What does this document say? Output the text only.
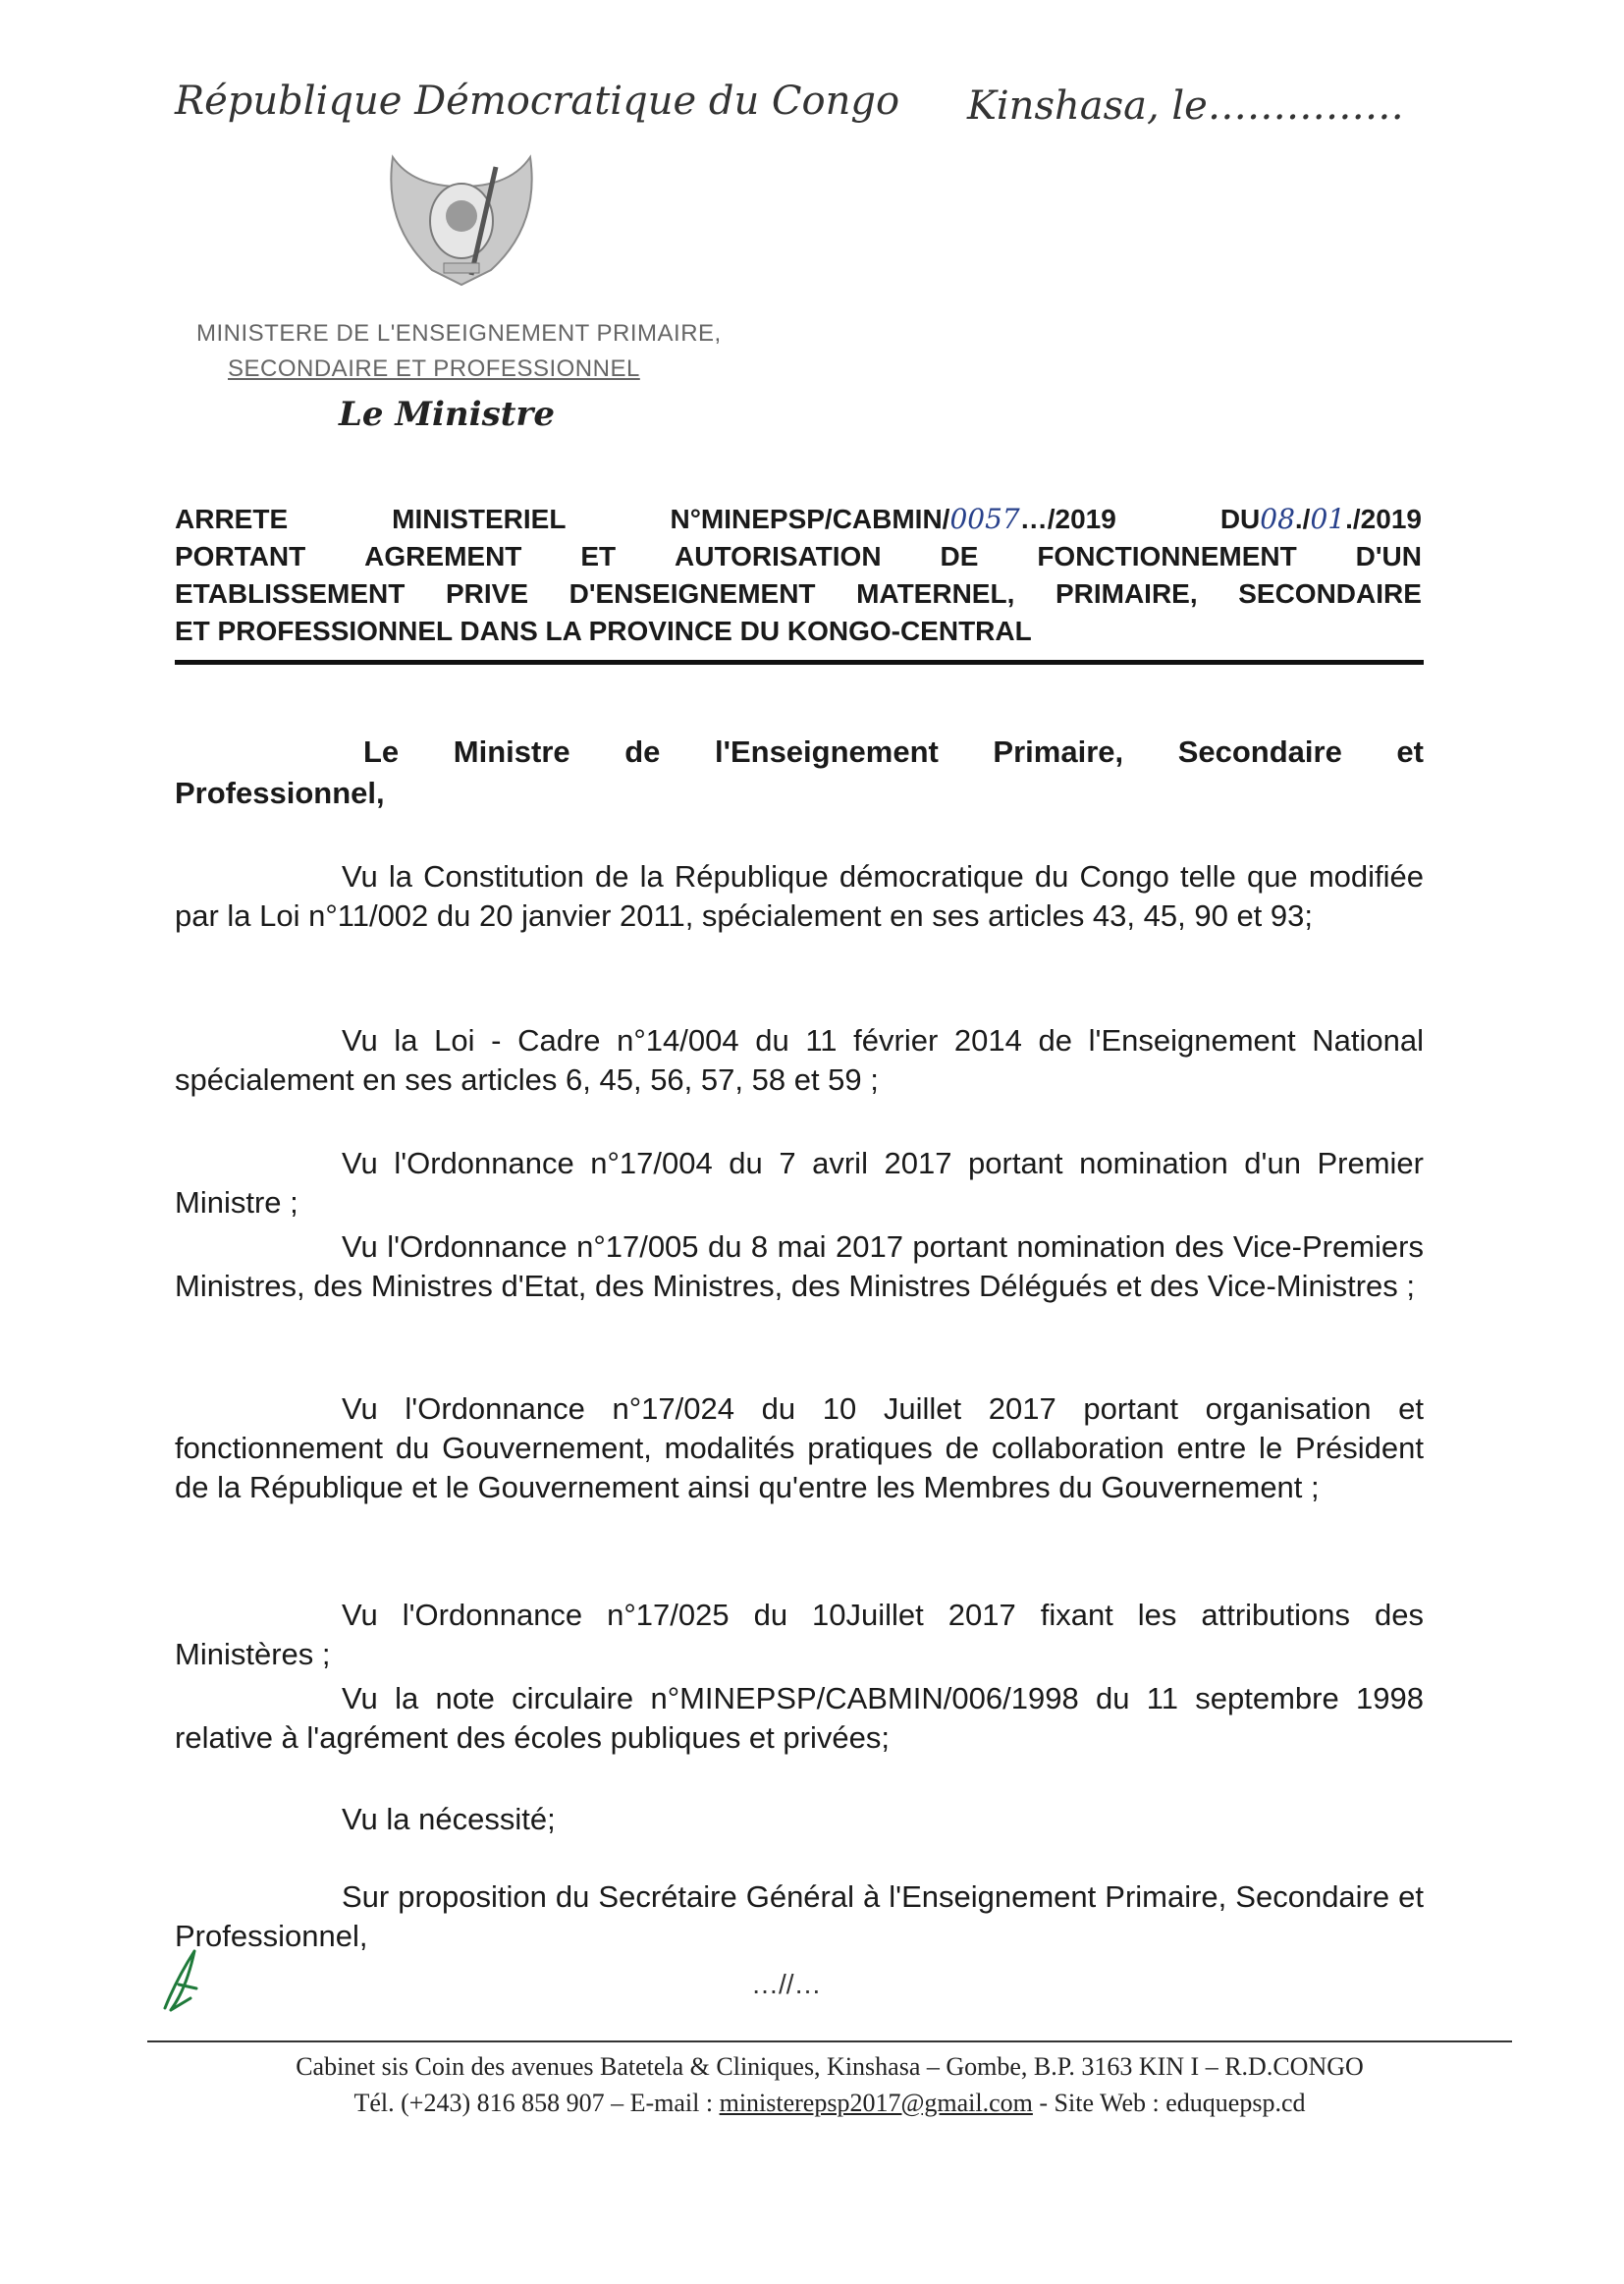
République Démocratique du Congo Kinshasa, le……………
MINISTERE DE L'ENSEIGNEMENT PRIMAIRE,
SECONDAIRE ET PROFESSIONNEL
Le Ministre
ARRETE	MINISTERIEL	N°MINEPSP/CABMIN/0057…/2019	DU08./01./2019
PORTANT AGREMENT ET AUTORISATION DE FONCTIONNEMENT D'UN
ETABLISSEMENT PRIVE D'ENSEIGNEMENT MATERNEL, PRIMAIRE, SECONDAIRE
ET PROFESSIONNEL DANS LA PROVINCE DU KONGO-CENTRAL
Le Ministre de l'Enseignement Primaire, Secondaire et
Professionnel,
Vu la Constitution de la République démocratique du Congo telle que modifiée par la Loi n°11/002 du 20 janvier 2011, spécialement en ses articles 43, 45, 90 et 93;
Vu la Loi - Cadre n°14/004 du 11 février 2014 de l'Enseignement National spécialement en ses articles 6, 45, 56, 57, 58 et 59 ;
Vu l'Ordonnance n°17/004 du 7 avril 2017 portant nomination d'un Premier Ministre ;
Vu l'Ordonnance n°17/005 du 8 mai 2017 portant nomination des Vice-Premiers Ministres, des Ministres d'Etat, des Ministres, des Ministres Délégués et des Vice-Ministres ;
Vu l'Ordonnance n°17/024 du 10 Juillet 2017 portant organisation et fonctionnement du Gouvernement, modalités pratiques de collaboration entre le Président de la République et le Gouvernement ainsi qu'entre les Membres du Gouvernement ;
Vu l'Ordonnance n°17/025 du 10Juillet 2017 fixant les attributions des Ministères ;
Vu la note circulaire n°MINEPSP/CABMIN/006/1998 du 11 septembre 1998 relative à l'agrément des écoles publiques et privées;
Vu la nécessité;
Sur proposition du Secrétaire Général à l'Enseignement Primaire, Secondaire et Professionnel,
…//…
Cabinet sis Coin des avenues Batetela & Cliniques, Kinshasa – Gombe, B.P. 3163 KIN I – R.D.CONGO
Tél. (+243) 816 858 907 – E-mail : ministerepsp2017@gmail.com - Site Web : eduquepsp.cd
